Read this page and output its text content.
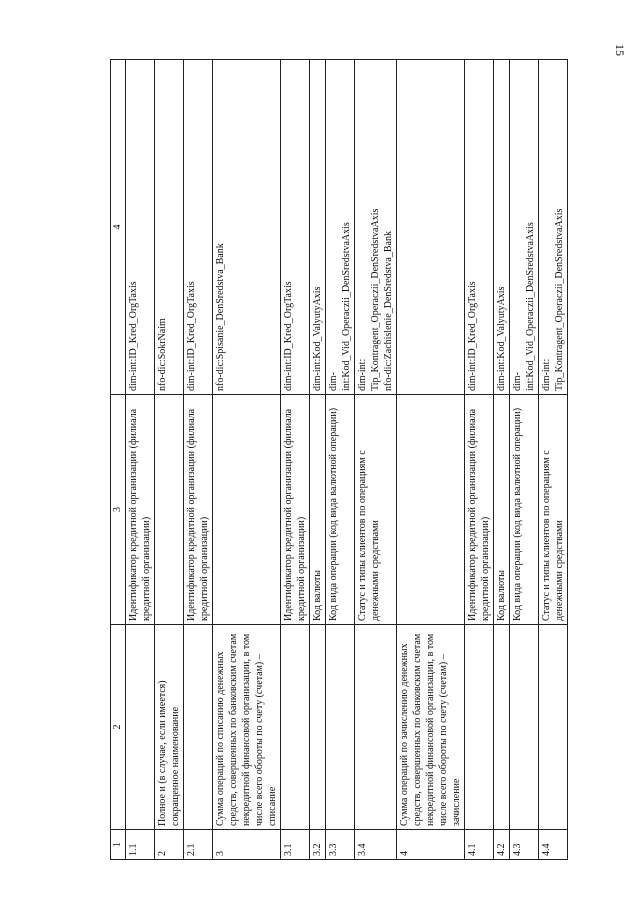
15
1	2	3	4
1.1		Идентификатор кредитной организации (филиала кредитной организации)	dim-int:ID_Kred_OrgTaxis
2	Полное и (в случае, если имеется) сокращенное наименование		nfo-dic:SokrNaim
2.1		Идентификатор кредитной организации (филиала кредитной организации)	dim-int:ID_Kred_OrgTaxis
3	Сумма операций по списанию денежных средств, совершенных по банковским счетам некредитной финансовой организации, в том числе всего обороты по счету (счетам) – списание		nfo-dic:Spisanie_DenSredstva_Bank
3.1		Идентификатор кредитной организации (филиала кредитной организации)	dim-int:ID_Kred_OrgTaxis
3.2		Код валюты	dim-int:Kod_ValyutyAxis
3.3		Код вида операции (код вида валютной операции)	dim-
int:Kod_Vid_Operaczii_DenSredstvaAxis
3.4		Статус и типы клиентов по операциям с денежными средствами	dim-int:
Tip_Kontragent_Operaczii_DenSredstvaAxis
nfo-dic:Zachislenie_DenSredstva_Bank
4	Сумма операций по зачислению денежных средств, совершенных по банковским счетам некредитной финансовой организации, в том числе всего обороты по счету (счетам) – зачисление		
4.1		Идентификатор кредитной организации (филиала кредитной организации)	dim-int:ID_Kred_OrgTaxis
4.2		Код валюты	dim-int:Kod_ValyutyAxis
4.3		Код вида операции (код вида валютной операции)	dim-
int:Kod_Vid_Operaczii_DenSredstvaAxis
4.4		Статус и типы клиентов по операциям с денежными средствами	dim-int:
Tip_Kontragent_Operaczii_DenSredstvaAxis
